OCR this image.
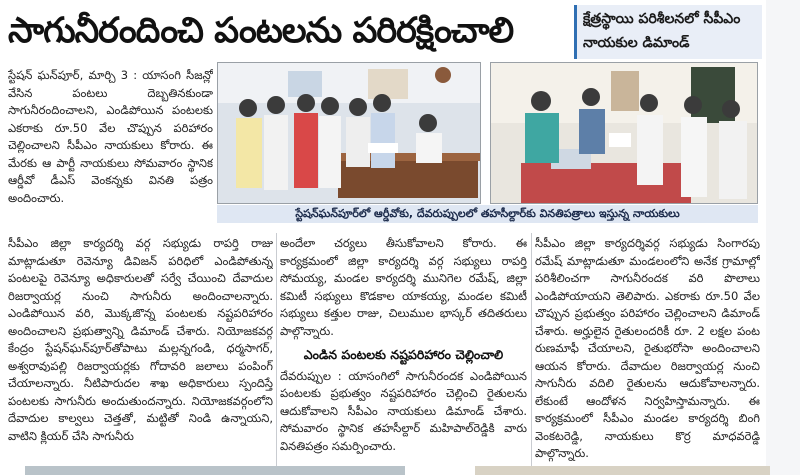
సాగునీరందించి పంటలను పరిరక్షించాలి	క్షేత్రస్థాయి పరిశీలనలో సీపీఎం
నాయకుల డిమాండ్

స్టేషన్ ఘన్‌పూర్, మార్చి 3 : యాసంగి సీజన్లో వేసిన పంటలు దెబ్బతినకుండా సాగునీరందించాలని, ఎండిపోయిన పంటలకు ఎకరాకు రూ.50 వేల చొప్పున పరిహారం చెల్లించాలని సీపీఎం నాయకులు కోరారు. ఈ మేరకు ఆ పార్టీ నాయకులు సోమవారం స్థానిక ఆర్డీవో డీఎస్ వెంకన్నకు వినతి పత్రం అందించారు.

స్టేషన్‌ఘన్‌పూర్‌లో ఆర్డీవోకు, దేవరుప్పులలో తహసీల్దార్‌కు వినతిపత్రాలు ఇస్తున్న నాయకులు

సీపీఎం జిల్లా కార్యదర్శి వర్గ సభ్యుడు రాపర్తి రాజు మాట్లాడుతూ రెవెన్యూ డివిజన్ పరిధిలో ఎండిపోతున్న పంటలపై రెవెన్యూ అధికారులతో సర్వే చేయించి దేవాదుల రిజర్వాయర్ల నుంచి సాగునీరు అందించాలన్నారు. ఎండిపోయిన వరి, మొక్కజొన్న పంటలకు నష్టపరిహారం అందించాలని ప్రభుత్వాన్ని డిమాండ్ చేశారు. నియోజకవర్గ కేంద్రం స్టేషన్‌ఘన్‌పూర్‌తోపాటు మల్లన్నగండి, ధర్మసాగర్, అశ్వరావుపల్లి రిజర్వాయర్లకు గోదావరి జలాలు పంపింగ్ చేయాలన్నారు. నీటిపారుదల శాఖ అధికారులు స్పందిస్తే పంటలకు సాగునీరు అందుతుందన్నారు. నియోజకవర్గంలోని దేవాదుల కాల్వలు చెత్తతో, మట్టితో నిండి ఉన్నాయని, వాటిని క్లియర్ చేసి సాగునీరు

అందేలా చర్యలు తీసుకోవాలని కోరారు. ఈ కార్యక్రమంలో జిల్లా కార్యదర్శి వర్గ సభ్యులు రాపర్తి సోమయ్య, మండల కార్యదర్శి మునిగెల రమేష్, జిల్లా కమిటీ సభ్యులు కొడకాల యాకయ్య, మండల కమిటీ సభ్యులు కత్తుల రాజు, చిలుముల భాస్కర్ తదితరులు పాల్గొన్నారు.

ఎండిన పంటలకు నష్టపరిహారం చెల్లించాలి

దేవరుప్పుల : యాసంగిలో సాగునీరందక ఎండిపోయిన పంటలకు ప్రభుత్వం నష్టపరిహారం చెల్లించి రైతులను ఆదుకోవాలని సీపీఎం నాయకులు డిమాండ్ చేశారు. సోమవారం స్థానిక తహసీల్దార్ మహిపాల్‌రెడ్డికి వారు వినతిపత్రం సమర్పించారు.

సీపీఎం జిల్లా కార్యదర్శివర్గ సభ్యుడు సింగారపు రమేష్ మాట్లాడుతూ మండలంలోని అనేక గ్రామాల్లో పరిశీలించగా సాగునీరందక వరి పొలాలు ఎండిపోయాయని తెలిపారు. ఎకరాకు రూ.50 వేల చొప్పున ప్రభుత్వం పరిహారం చెల్లించాలని డిమాండ్ చేశారు. అర్హులైన రైతులందరికీ రూ. 2 లక్షల పంట రుణమాఫీ చేయాలని, రైతుభరోసా అందించాలని ఆయన కోరారు. దేవాదుల రిజర్వాయర్ల నుంచి సాగునీరు వదిలి రైతులను ఆదుకోవాలన్నారు. లేకుంటే ఆందోళన నిర్వహిస్తామన్నారు. ఈ కార్యక్రమంలో సీపీఎం మండల కార్యదర్శి బింగి వెంకటరెడ్డి, నాయకులు కొర్ర మాధవరెడ్డి పాల్గొన్నారు.
